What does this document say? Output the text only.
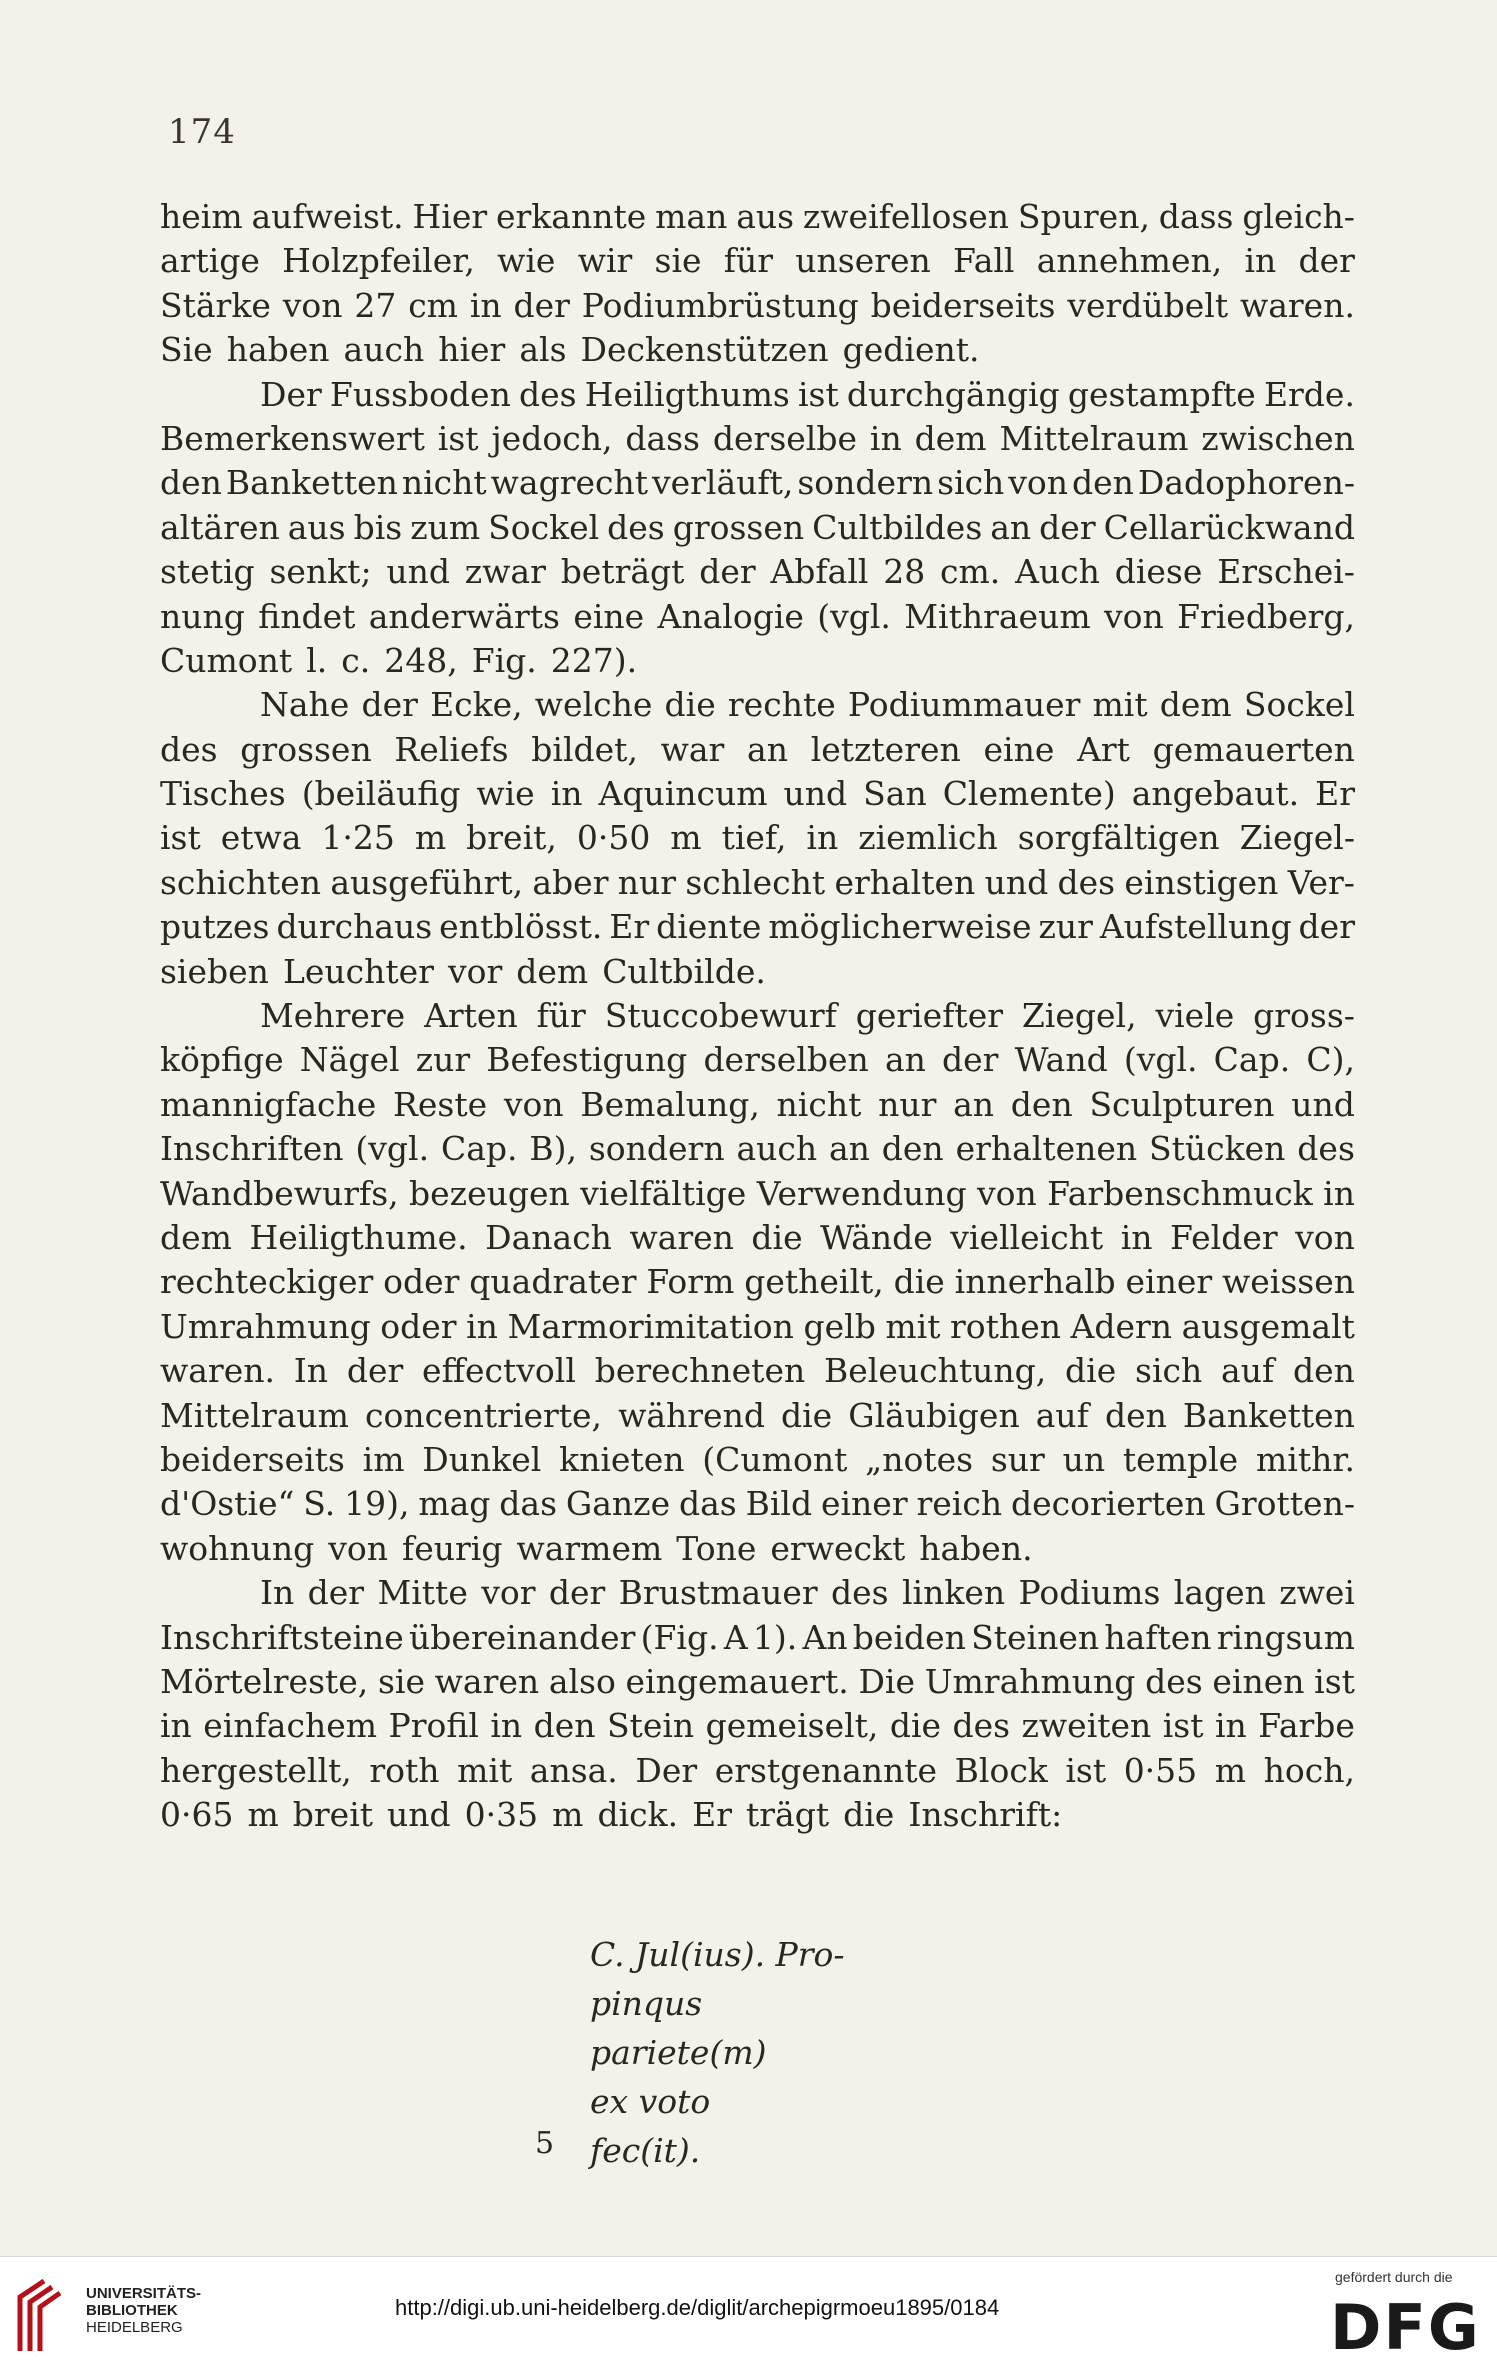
174
heim aufweist. Hier erkannte man aus zweifellosen Spuren, dass gleich-
artige Holzpfeiler, wie wir sie für unseren Fall annehmen, in der
Stärke von 27 cm in der Podiumbrüstung beiderseits verdübelt waren.
Sie haben auch hier als Deckenstützen gedient.
Der Fussboden des Heiligthums ist durchgängig gestampfte Erde.
Bemerkenswert ist jedoch, dass derselbe in dem Mittelraum zwischen
den Banketten nicht wagrecht verläuft, sondern sich von den Dadophoren-
altären aus bis zum Sockel des grossen Cultbildes an der Cellarückwand
stetig senkt; und zwar beträgt der Abfall 28 cm. Auch diese Erschei-
nung findet anderwärts eine Analogie (vgl. Mithraeum von Friedberg,
Cumont l. c. 248, Fig. 227).
Nahe der Ecke, welche die rechte Podiummauer mit dem Sockel
des grossen Reliefs bildet, war an letzteren eine Art gemauerten
Tisches (beiläufig wie in Aquincum und San Clemente) angebaut. Er
ist etwa 1·25 m breit, 0·50 m tief, in ziemlich sorgfältigen Ziegel-
schichten ausgeführt, aber nur schlecht erhalten und des einstigen Ver-
putzes durchaus entblösst. Er diente möglicherweise zur Aufstellung der
sieben Leuchter vor dem Cultbilde.
Mehrere Arten für Stuccobewurf geriefter Ziegel, viele gross-
köpfige Nägel zur Befestigung derselben an der Wand (vgl. Cap. C),
mannigfache Reste von Bemalung, nicht nur an den Sculpturen und
Inschriften (vgl. Cap. B), sondern auch an den erhaltenen Stücken des
Wandbewurfs, bezeugen vielfältige Verwendung von Farbenschmuck in
dem Heiligthume. Danach waren die Wände vielleicht in Felder von
rechteckiger oder quadrater Form getheilt, die innerhalb einer weissen
Umrahmung oder in Marmorimitation gelb mit rothen Adern ausgemalt
waren. In der effectvoll berechneten Beleuchtung, die sich auf den
Mittelraum concentrierte, während die Gläubigen auf den Banketten
beiderseits im Dunkel knieten (Cumont „notes sur un temple mithr.
d'Ostie“ S. 19), mag das Ganze das Bild einer reich decorierten Grotten-
wohnung von feurig warmem Tone erweckt haben.
In der Mitte vor der Brustmauer des linken Podiums lagen zwei
Inschriftsteine übereinander (Fig. A 1). An beiden Steinen haften ringsum
Mörtelreste, sie waren also eingemauert. Die Umrahmung des einen ist
in einfachem Profil in den Stein gemeiselt, die des zweiten ist in Farbe
hergestellt, roth mit ansa. Der erstgenannte Block ist 0·55 m hoch,
0·65 m breit und 0·35 m dick. Er trägt die Inschrift:
C. Jul(ius). Pro-
pinqus
pariete(m)
ex voto
fec(it).
5
UNIVERSITÄTS-
BIBLIOTHEK
HEIDELBERG
http://digi.ub.uni-heidelberg.de/diglit/archepigrmoeu1895/0184
gefördert durch die
DFG
